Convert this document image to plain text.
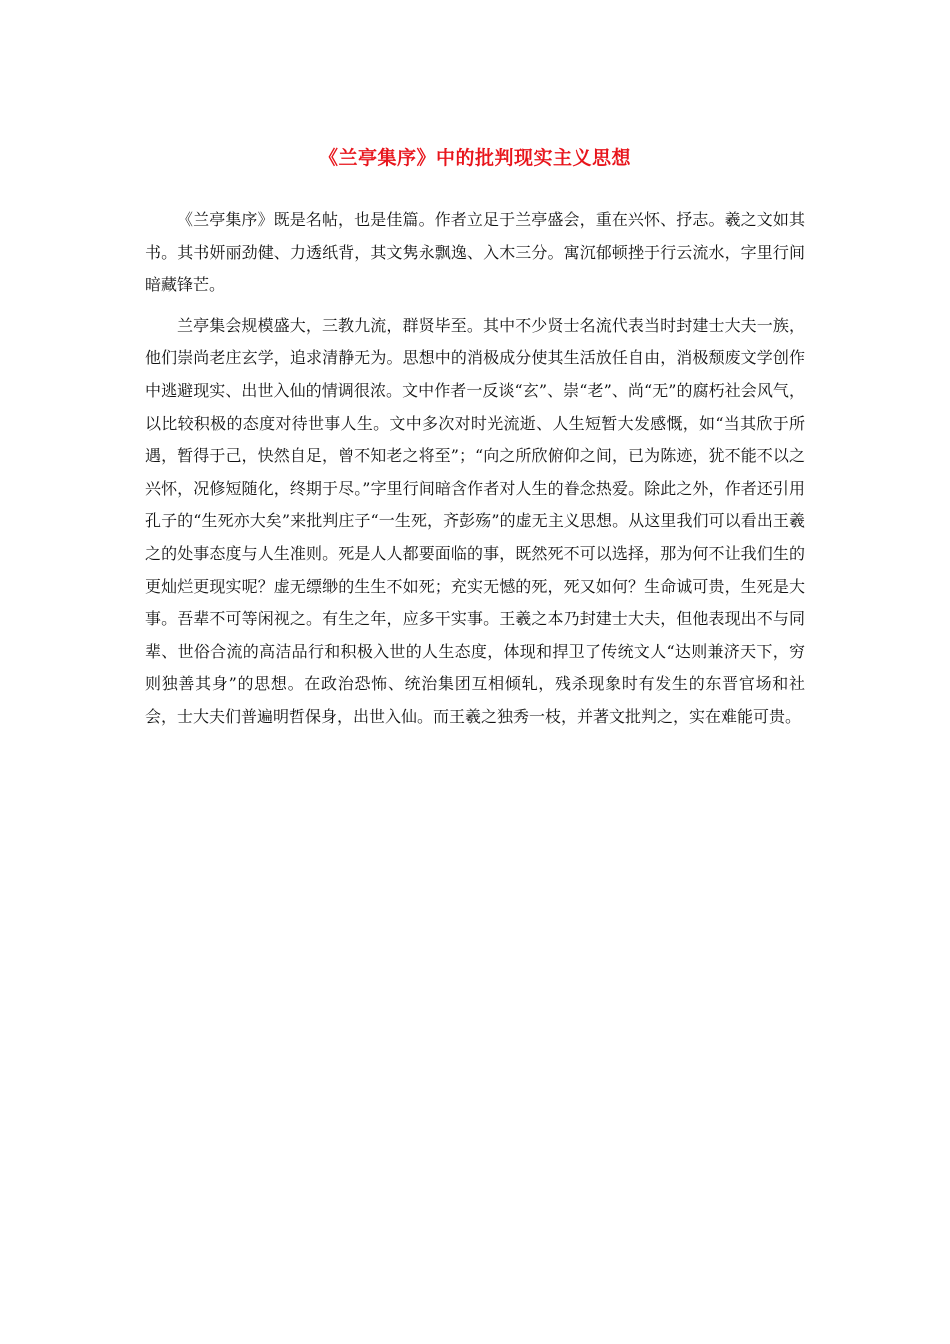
《兰亭集序》中的批判现实主义思想

《兰亭集序》既是名帖，也是佳篇。作者立足于兰亭盛会，重在兴怀、抒志。羲之文如其书。其书妍丽劲健、力透纸背，其文隽永飘逸、入木三分。寓沉郁顿挫于行云流水，字里行间暗藏锋芒。

兰亭集会规模盛大，三教九流，群贤毕至。其中不少贤士名流代表当时封建士大夫一族，他们崇尚老庄玄学，追求清静无为。思想中的消极成分使其生活放任自由，消极颓废文学创作中逃避现实、出世入仙的情调很浓。文中作者一反谈“玄”、崇“老”、尚“无”的腐朽社会风气，以比较积极的态度对待世事人生。文中多次对时光流逝、人生短暂大发感慨，如“当其欣于所遇，暂得于己，快然自足，曾不知老之将至”；“向之所欣俯仰之间，已为陈迹，犹不能不以之兴怀，况修短随化，终期于尽。”字里行间暗含作者对人生的眷念热爱。除此之外，作者还引用孔子的“生死亦大矣”来批判庄子“一生死，齐彭殇”的虚无主义思想。从这里我们可以看出王羲之的处事态度与人生准则。死是人人都要面临的事，既然死不可以选择，那为何不让我们生的更灿烂更现实呢？虚无缥缈的生生不如死；充实无憾的死，死又如何？生命诚可贵，生死是大事。吾辈不可等闲视之。有生之年，应多干实事。王羲之本乃封建士大夫，但他表现出不与同辈、世俗合流的高洁品行和积极入世的人生态度，体现和捍卫了传统文人“达则兼济天下，穷则独善其身”的思想。在政治恐怖、统治集团互相倾轧，残杀现象时有发生的东晋官场和社会，士大夫们普遍明哲保身，出世入仙。而王羲之独秀一枝，并著文批判之，实在难能可贵。
